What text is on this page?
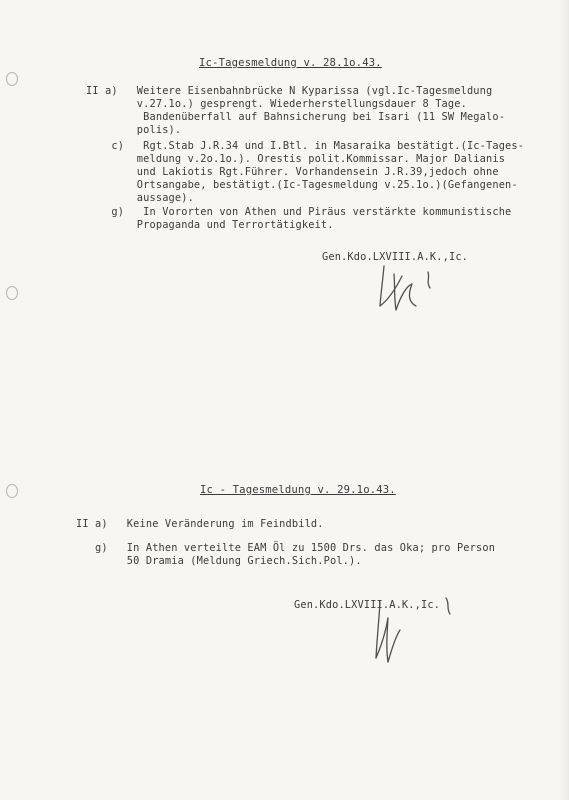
Ic-Tagesmeldung v. 28.1o.43.
II a)   Weitere Eisenbahnbrücke N Kyparissa (vgl.Ic-Tagesmeldung
v.27.1o.) gesprengt. Wiederherstellungsdauer 8 Tage.
Bandenüberfall auf Bahnsicherung bei Isari (11 SW Megalo-
polis).
c)   Rgt.Stab J.R.34 und I.Btl. in Masaraika bestätigt.(Ic-Tages-
meldung v.2o.1o.). Orestis polit.Kommissar. Major Dalianis
und Lakiotis Rgt.Führer. Vorhandensein J.R.39,jedoch ohne
Ortsangabe, bestätigt.(Ic-Tagesmeldung v.25.1o.)(Gefangenen-
aussage).
g)   In Vororten von Athen und Piräus verstärkte kommunistische
Propaganda und Terrortätigkeit.
Gen.Kdo.LXVIII.A.K.,Ic.
Ic - Tagesmeldung v. 29.1o.43.
II a)   Keine Veränderung im Feindbild.
g)   In Athen verteilte EAM Öl zu 1500 Drs. das Oka; pro Person
50 Dramia (Meldung Griech.Sich.Pol.).
Gen.Kdo.LXVIII.A.K.,Ic.
